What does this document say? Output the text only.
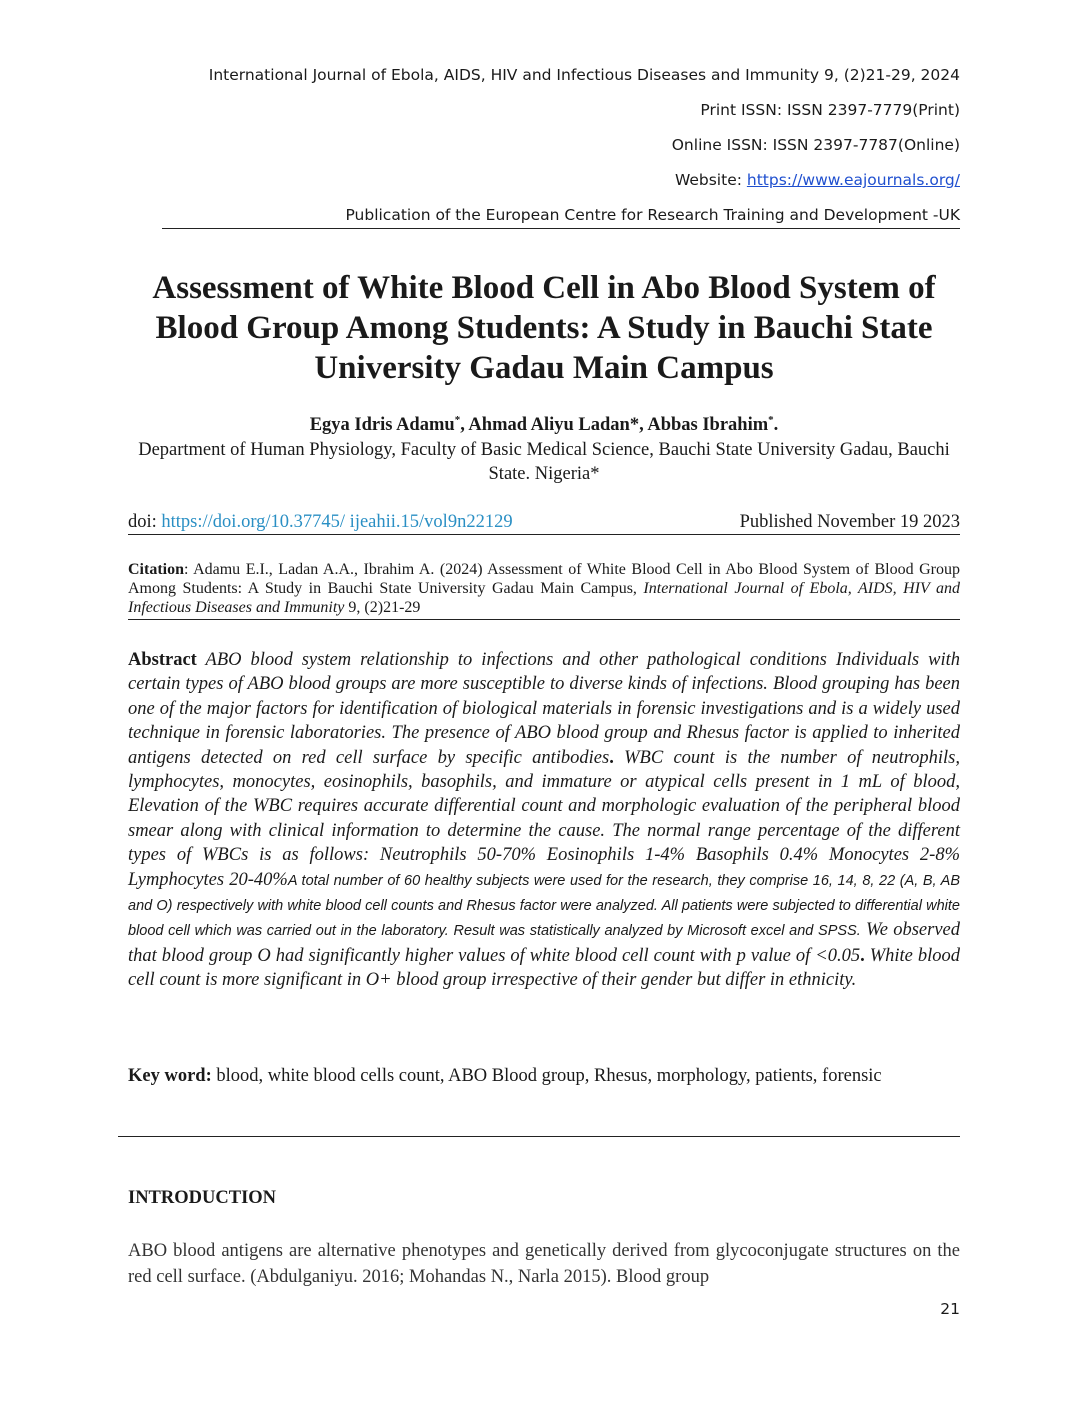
International Journal of Ebola, AIDS, HIV and Infectious Diseases and Immunity 9, (2)21-29, 2024
Print ISSN: ISSN 2397-7779(Print)
Online ISSN: ISSN 2397-7787(Online)
Website: https://www.eajournals.org/
Publication of the European Centre for Research Training and Development -UK
Assessment of White Blood Cell in Abo Blood System of Blood Group Among Students: A Study in Bauchi State University Gadau Main Campus
Egya Idris Adamu*, Ahmad Aliyu Ladan*, Abbas Ibrahim*.
Department of Human Physiology, Faculty of Basic Medical Science, Bauchi State University Gadau, Bauchi State. Nigeria*
doi: https://doi.org/10.37745/ ijeahii.15/vol9n22129	Published November 19 2023
Citation: Adamu E.I., Ladan A.A., Ibrahim A. (2024) Assessment of White Blood Cell in Abo Blood System of Blood Group Among Students: A Study in Bauchi State University Gadau Main Campus, International Journal of Ebola, AIDS, HIV and Infectious Diseases and Immunity 9, (2)21-29

Abstract ABO blood system relationship to infections and other pathological conditions Individuals with certain types of ABO blood groups are more susceptible to diverse kinds of infections. Blood grouping has been one of the major factors for identification of biological materials in forensic investigations and is a widely used technique in forensic laboratories. The presence of ABO blood group and Rhesus factor is applied to inherited antigens detected on red cell surface by specific antibodies. WBC count is the number of neutrophils, lymphocytes, monocytes, eosinophils, basophils, and immature or atypical cells present in 1 mL of blood, Elevation of the WBC requires accurate differential count and morphologic evaluation of the peripheral blood smear along with clinical information to determine the cause. The normal range percentage of the different types of WBCs is as follows: Neutrophils 50-70% Eosinophils 1-4% Basophils 0.4% Monocytes 2-8% Lymphocytes 20-40%A total number of 60 healthy subjects were used for the research, they comprise 16, 14, 8, 22 (A, B, AB and O) respectively with white blood cell counts and Rhesus factor were analyzed. All patients were subjected to differential white blood cell which was carried out in the laboratory. Result was statistically analyzed by Microsoft excel and SPSS. We observed that blood group O had significantly higher values of white blood cell count with p value of <0.05. White blood cell count is more significant in O+ blood group irrespective of their gender but differ in ethnicity.

Key word: blood, white blood cells count, ABO Blood group, Rhesus, morphology, patients, forensic

INTRODUCTION

ABO blood antigens are alternative phenotypes and genetically derived from glycoconjugate structures on the red cell surface. (Abdulganiyu. 2016; Mohandas N., Narla 2015). Blood group

21
